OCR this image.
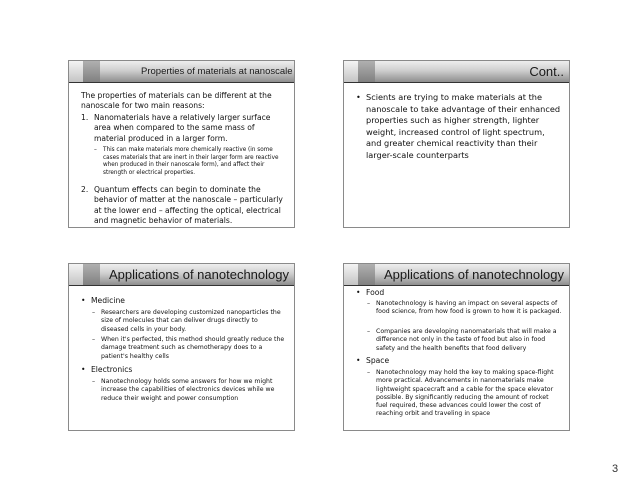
Properties of materials at nanoscale

The properties of materials can be different at the nanoscale for two main reasons:

1. Nanomaterials have a relatively larger surface area when compared to the same mass of material produced in a larger form.
–	This can make materials more chemically reactive (in some cases materials that are inert in their larger form are reactive when produced in their nanoscale form), and affect their strength or electrical properties.
2. Quantum effects can begin to dominate the behavior of matter at the nanoscale – particularly at the lower end – affecting the optical, electrical and magnetic behavior of materials.
Cont..
• Scients are trying to make materials at the nanoscale to take advantage of their enhanced properties such as higher strength, lighter weight, increased control of light spectrum, and greater chemical reactivity than their larger-scale counterparts
Applications of nanotechnology
• Medicine
– Researchers are developing customized nanoparticles the size of molecules that can deliver drugs directly to diseased cells in your body.
– When it's perfected, this method should greatly reduce the damage treatment such as chemotherapy does to a patient's healthy cells
• Electronics
– Nanotechnology holds some answers for how we might increase the capabilities of electronics devices while we reduce their weight and power consumption
Applications of nanotechnology
• Food
– Nanotechnology is having an impact on several aspects of food science, from how food is grown to how it is packaged.
– Companies are developing nanomaterials that will make a difference not only in the taste of food but also in food safety and the health benefits that food delivery
• Space
– Nanotechnology may hold the key to making space-flight more practical. Advancements in nanomaterials make lightweight spacecraft and a cable for the space elevator possible. By significantly reducing the amount of rocket fuel required, these advances could lower the cost of reaching orbit and traveling in space
3
